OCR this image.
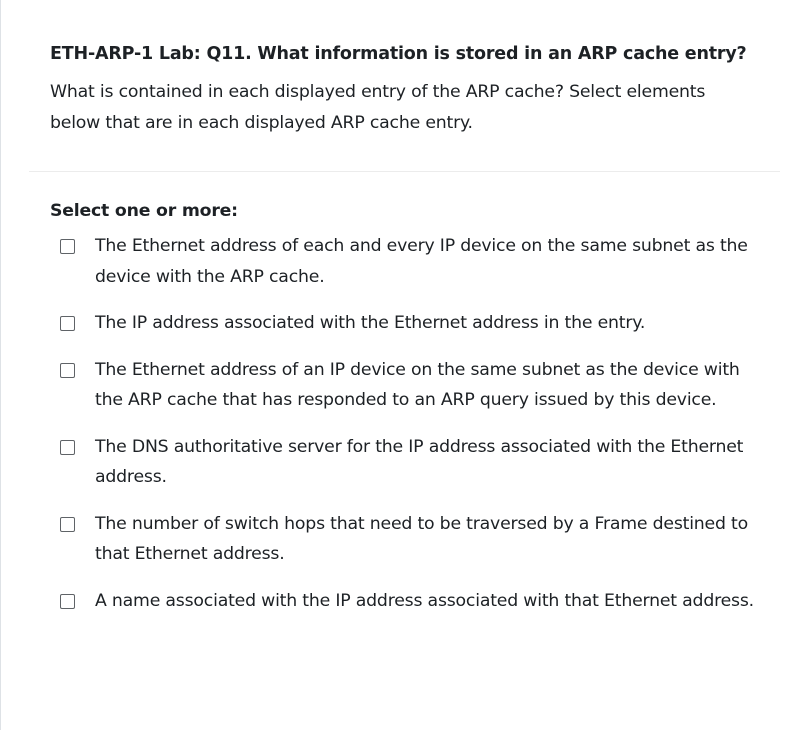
ETH-ARP-1 Lab: Q11. What information is stored in an ARP cache entry?

What is contained in each displayed entry of the ARP cache? Select elements below that are in each displayed ARP cache entry.

Select one or more:

The Ethernet address of each and every IP device on the same subnet as the device with the ARP cache.
The IP address associated with the Ethernet address in the entry.
The Ethernet address of an IP device on the same subnet as the device with the ARP cache that has responded to an ARP query issued by this device.
The DNS authoritative server for the IP address associated with the Ethernet address.
The number of switch hops that need to be traversed by a Frame destined to that Ethernet address.
A name associated with the IP address associated with that Ethernet address.
